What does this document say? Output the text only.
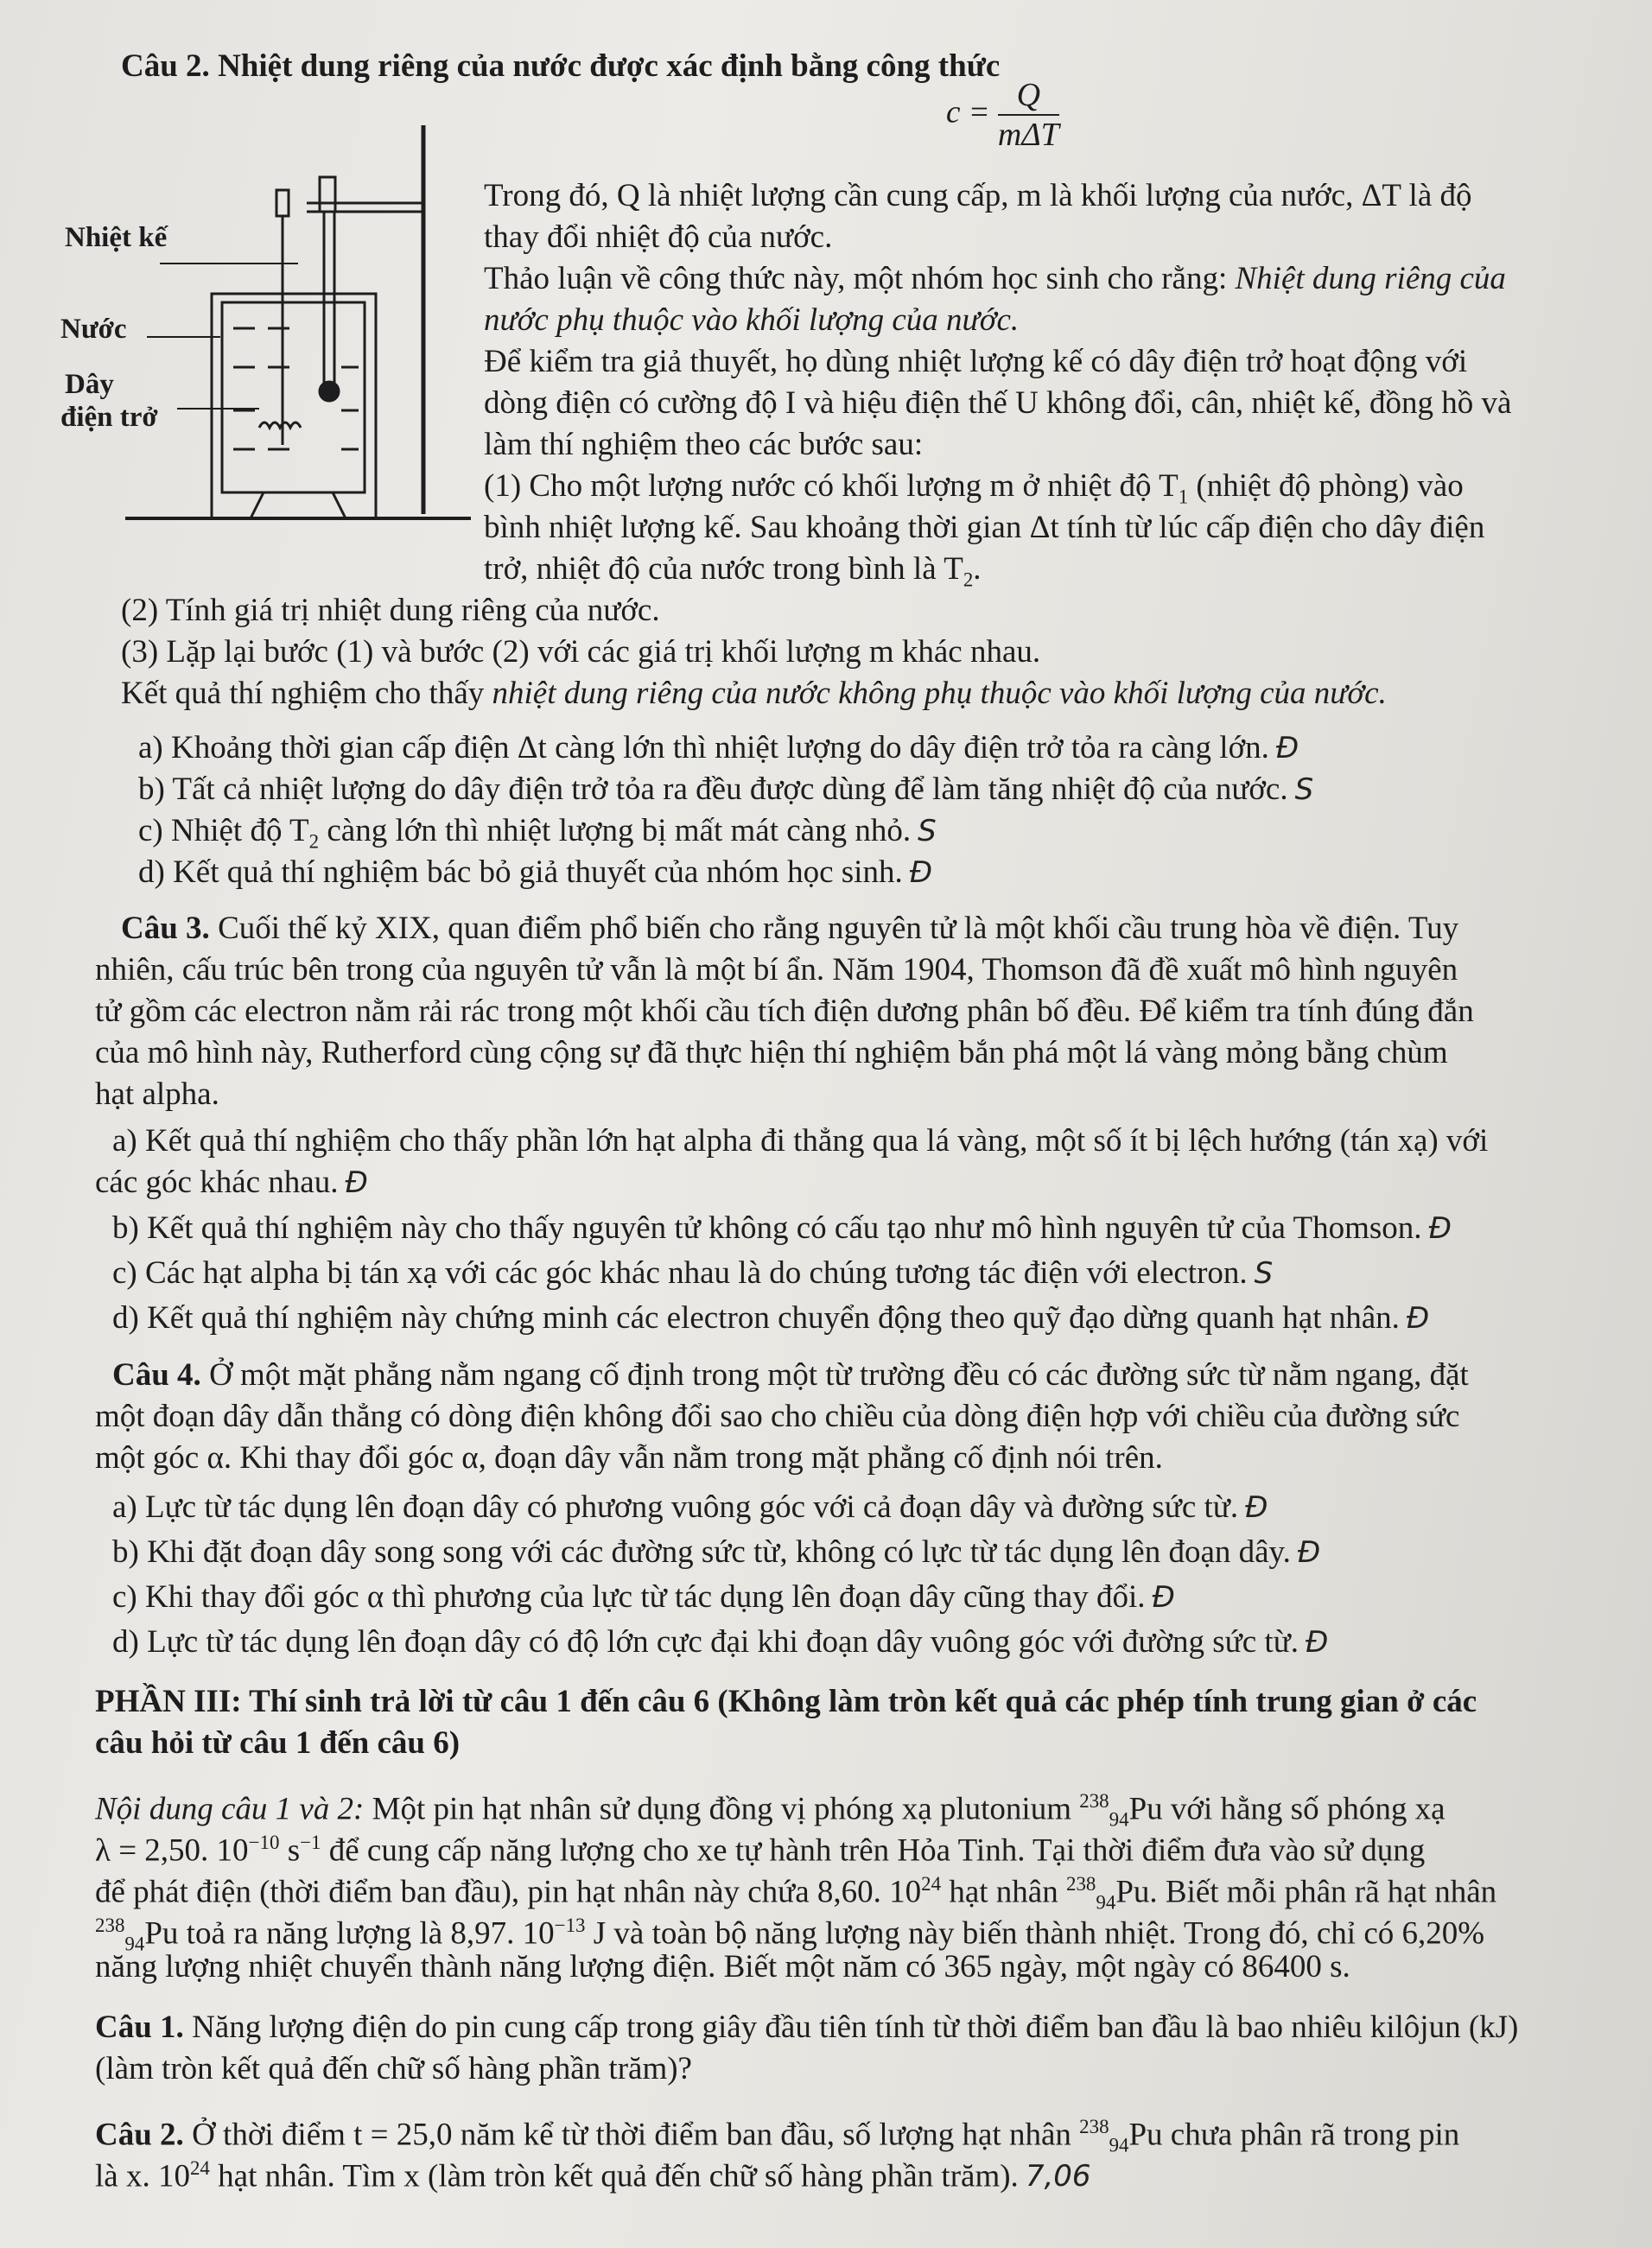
Câu 2. Nhiệt dung riêng của nước được xác định bằng công thức
$c = \frac{Q}{\text{mΔT}}$
Nhiệt kế
Nước
Dây
điện trở
Trong đó, Q là nhiệt lượng cần cung cấp, m là khối lượng của nước, ΔT là độ
thay đổi nhiệt độ của nước.
Thảo luận về công thức này, một nhóm học sinh cho rằng: Nhiệt dung riêng của
nước phụ thuộc vào khối lượng của nước.
Để kiểm tra giả thuyết, họ dùng nhiệt lượng kế có dây điện trở hoạt động với
dòng điện có cường độ I và hiệu điện thế U không đổi, cân, nhiệt kế, đồng hồ và
làm thí nghiệm theo các bước sau:
(1) Cho một lượng nước có khối lượng m ở nhiệt độ $T_1$ (nhiệt độ phòng) vào
bình nhiệt lượng kế. Sau khoảng thời gian Δt tính từ lúc cấp điện cho dây điện
trở, nhiệt độ của nước trong bình là $T_2$.
(2) Tính giá trị nhiệt dung riêng của nước.
(3) Lặp lại bước (1) và bước (2) với các giá trị khối lượng m khác nhau.
Kết quả thí nghiệm cho thấy nhiệt dung riêng của nước không phụ thuộc vào khối lượng của nước.
a) Khoảng thời gian cấp điện Δt càng lớn thì nhiệt lượng do dây điện trở tỏa ra càng lớn. Đ
b) Tất cả nhiệt lượng do dây điện trở tỏa ra đều được dùng để làm tăng nhiệt độ của nước. S
c) Nhiệt độ $T_2$ càng lớn thì nhiệt lượng bị mất mát càng nhỏ. S
d) Kết quả thí nghiệm bác bỏ giả thuyết của nhóm học sinh. Đ
Câu 3. Cuối thế kỷ XIX, quan điểm phổ biến cho rằng nguyên tử là một khối cầu trung hòa về điện. Tuy
nhiên, cấu trúc bên trong của nguyên tử vẫn là một bí ẩn. Năm 1904, Thomson đã đề xuất mô hình nguyên
tử gồm các electron nằm rải rác trong một khối cầu tích điện dương phân bố đều. Để kiểm tra tính đúng đắn
của mô hình này, Rutherford cùng cộng sự đã thực hiện thí nghiệm bắn phá một lá vàng mỏng bằng chùm
hạt alpha.
a) Kết quả thí nghiệm cho thấy phần lớn hạt alpha đi thẳng qua lá vàng, một số ít bị lệch hướng (tán xạ) với
các góc khác nhau. Đ
b) Kết quả thí nghiệm này cho thấy nguyên tử không có cấu tạo như mô hình nguyên tử của Thomson. Đ
c) Các hạt alpha bị tán xạ với các góc khác nhau là do chúng tương tác điện với electron. S
d) Kết quả thí nghiệm này chứng minh các electron chuyển động theo quỹ đạo dừng quanh hạt nhân. Đ
Câu 4. Ở một mặt phẳng nằm ngang cố định trong một từ trường đều có các đường sức từ nằm ngang, đặt
một đoạn dây dẫn thẳng có dòng điện không đổi sao cho chiều của dòng điện hợp với chiều của đường sức
một góc α. Khi thay đổi góc α, đoạn dây vẫn nằm trong mặt phẳng cố định nói trên.
a) Lực từ tác dụng lên đoạn dây có phương vuông góc với cả đoạn dây và đường sức từ. Đ
b) Khi đặt đoạn dây song song với các đường sức từ, không có lực từ tác dụng lên đoạn dây. Đ
c) Khi thay đổi góc α thì phương của lực từ tác dụng lên đoạn dây cũng thay đổi. Đ
d) Lực từ tác dụng lên đoạn dây có độ lớn cực đại khi đoạn dây vuông góc với đường sức từ. Đ
PHẦN III: Thí sinh trả lời từ câu 1 đến câu 6 (Không làm tròn kết quả các phép tính trung gian ở các
câu hỏi từ câu 1 đến câu 6)
Nội dung câu 1 và 2: Một pin hạt nhân sử dụng đồng vị phóng xạ plutonium $^{238}_{94}$Pu với hằng số phóng xạ
λ = 2,50. $10^{-10}$ $s^{-1}$ để cung cấp năng lượng cho xe tự hành trên Hỏa Tinh. Tại thời điểm đưa vào sử dụng
để phát điện (thời điểm ban đầu), pin hạt nhân này chứa 8,60. $10^{24}$ hạt nhân $^{238}_{94}$Pu. Biết mỗi phân rã hạt nhân
$^{238}_{94}$Pu toả ra năng lượng là 8,97. $10^{-13}$ J và toàn bộ năng lượng này biến thành nhiệt. Trong đó, chỉ có 6,20%
năng lượng nhiệt chuyển thành năng lượng điện. Biết một năm có 365 ngày, một ngày có 86400 s.
Câu 1. Năng lượng điện do pin cung cấp trong giây đầu tiên tính từ thời điểm ban đầu là bao nhiêu kilôjun (kJ)
(làm tròn kết quả đến chữ số hàng phần trăm)?
Câu 2. Ở thời điểm t = 25,0 năm kể từ thời điểm ban đầu, số lượng hạt nhân $^{238}_{94}$Pu chưa phân rã trong pin
là x. $10^{24}$ hạt nhân. Tìm x (làm tròn kết quả đến chữ số hàng phần trăm). 7,06
